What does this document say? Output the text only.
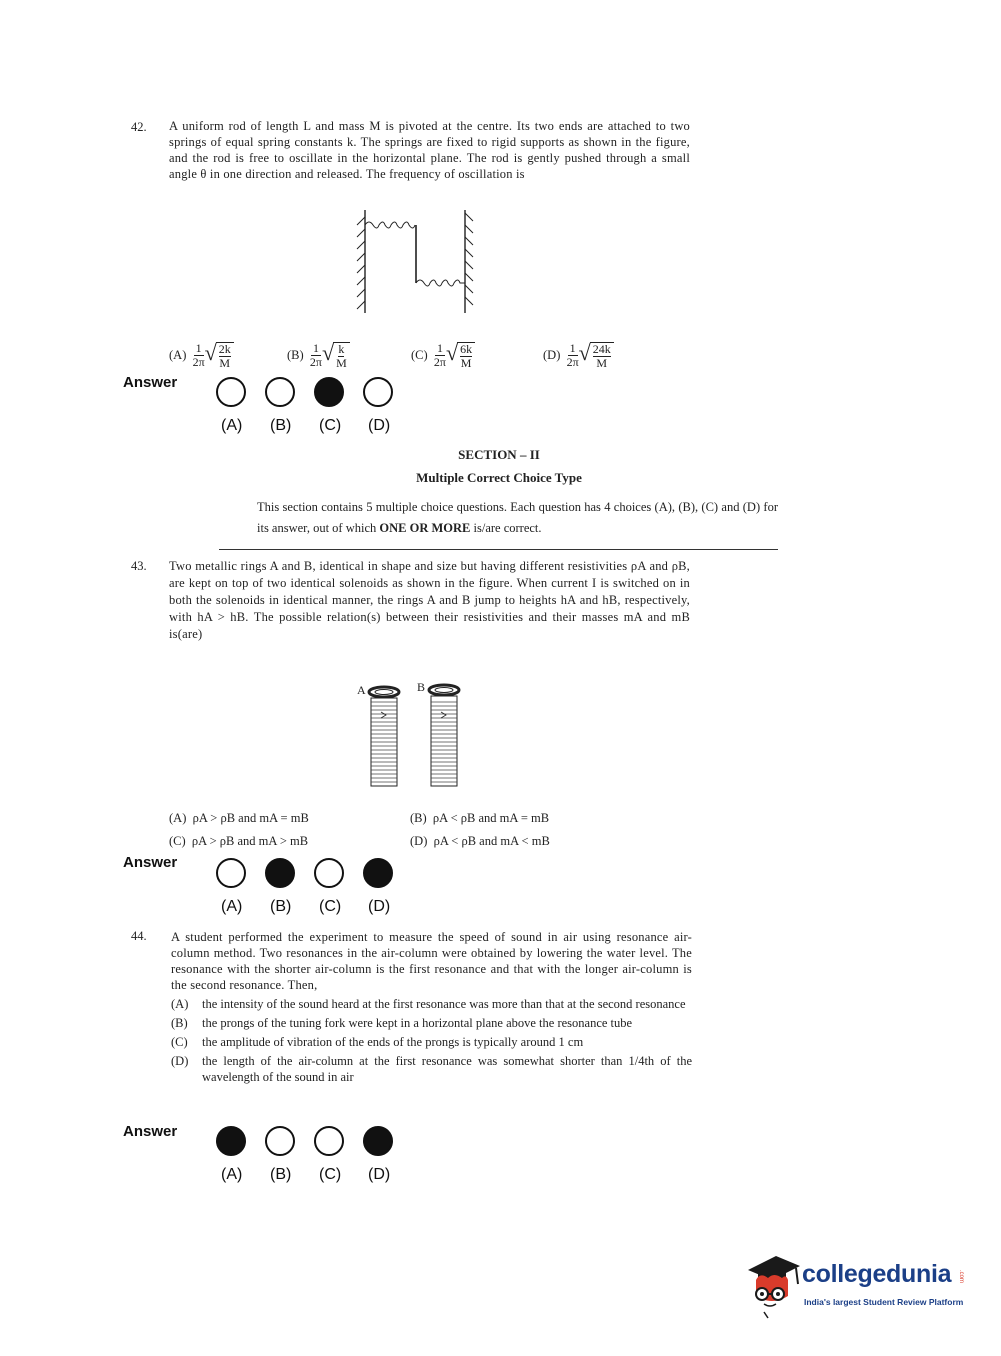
42. A uniform rod of length L and mass M is pivoted at the centre. Its two ends are attached to two springs of equal spring constants k. The springs are fixed to rigid supports as shown in the figure, and the rod is free to oscillate in the horizontal plane. The rod is gently pushed through a small angle θ in one direction and released. The frequency of oscillation is
(A)
$\frac{1}{2\pi}$ √ 2k
M
(B)
$\frac{1}{2\pi}$ √ k
M
(C)
$\frac{1}{2\pi}$ √ 6k
M
(D)
$\frac{1}{2\pi}$ √ 24k
M
Answer
(A) (B) (C) (D)
SECTION – II
Multiple Correct Choice Type
This section contains 5 multiple choice questions. Each question has 4 choices (A), (B), (C) and (D) for its answer, out of which ONE OR MORE is/are correct.
43. Two metallic rings A and B, identical in shape and size but having different resistivities ρA and ρB, are kept on top of two identical solenoids as shown in the figure. When current I is switched on in both the solenoids in identical manner, the rings A and B jump to heights hA and hB, respectively, with hA > hB. The possible relation(s) between their resistivities and their masses mA and mB is(are)
A	B
(A) ρA > ρB and mA = mB	(B) ρA < ρB and mA = mB
(C) ρA > ρB and mA > mB	(D) ρA < ρB and mA < mB
Answer
(A) (B) (C) (D)
44. A student performed the experiment to measure the speed of sound in air using resonance air-column method. Two resonances in the air-column were obtained by lowering the water level. The resonance with the shorter air-column is the first resonance and that with the longer air-column is the second resonance. Then,
(A)	the intensity of the sound heard at the first resonance was more than that at the second resonance
(B)	the prongs of the tuning fork were kept in a horizontal plane above the resonance tube
(C)	the amplitude of vibration of the ends of the prongs is typically around 1 cm
(D)	the length of the air-column at the first resonance was somewhat shorter than 1/4th of the wavelength of the sound in air
Answer
(A) (B) (C) (D)
collegedunia .com
India's largest Student Review Platform
